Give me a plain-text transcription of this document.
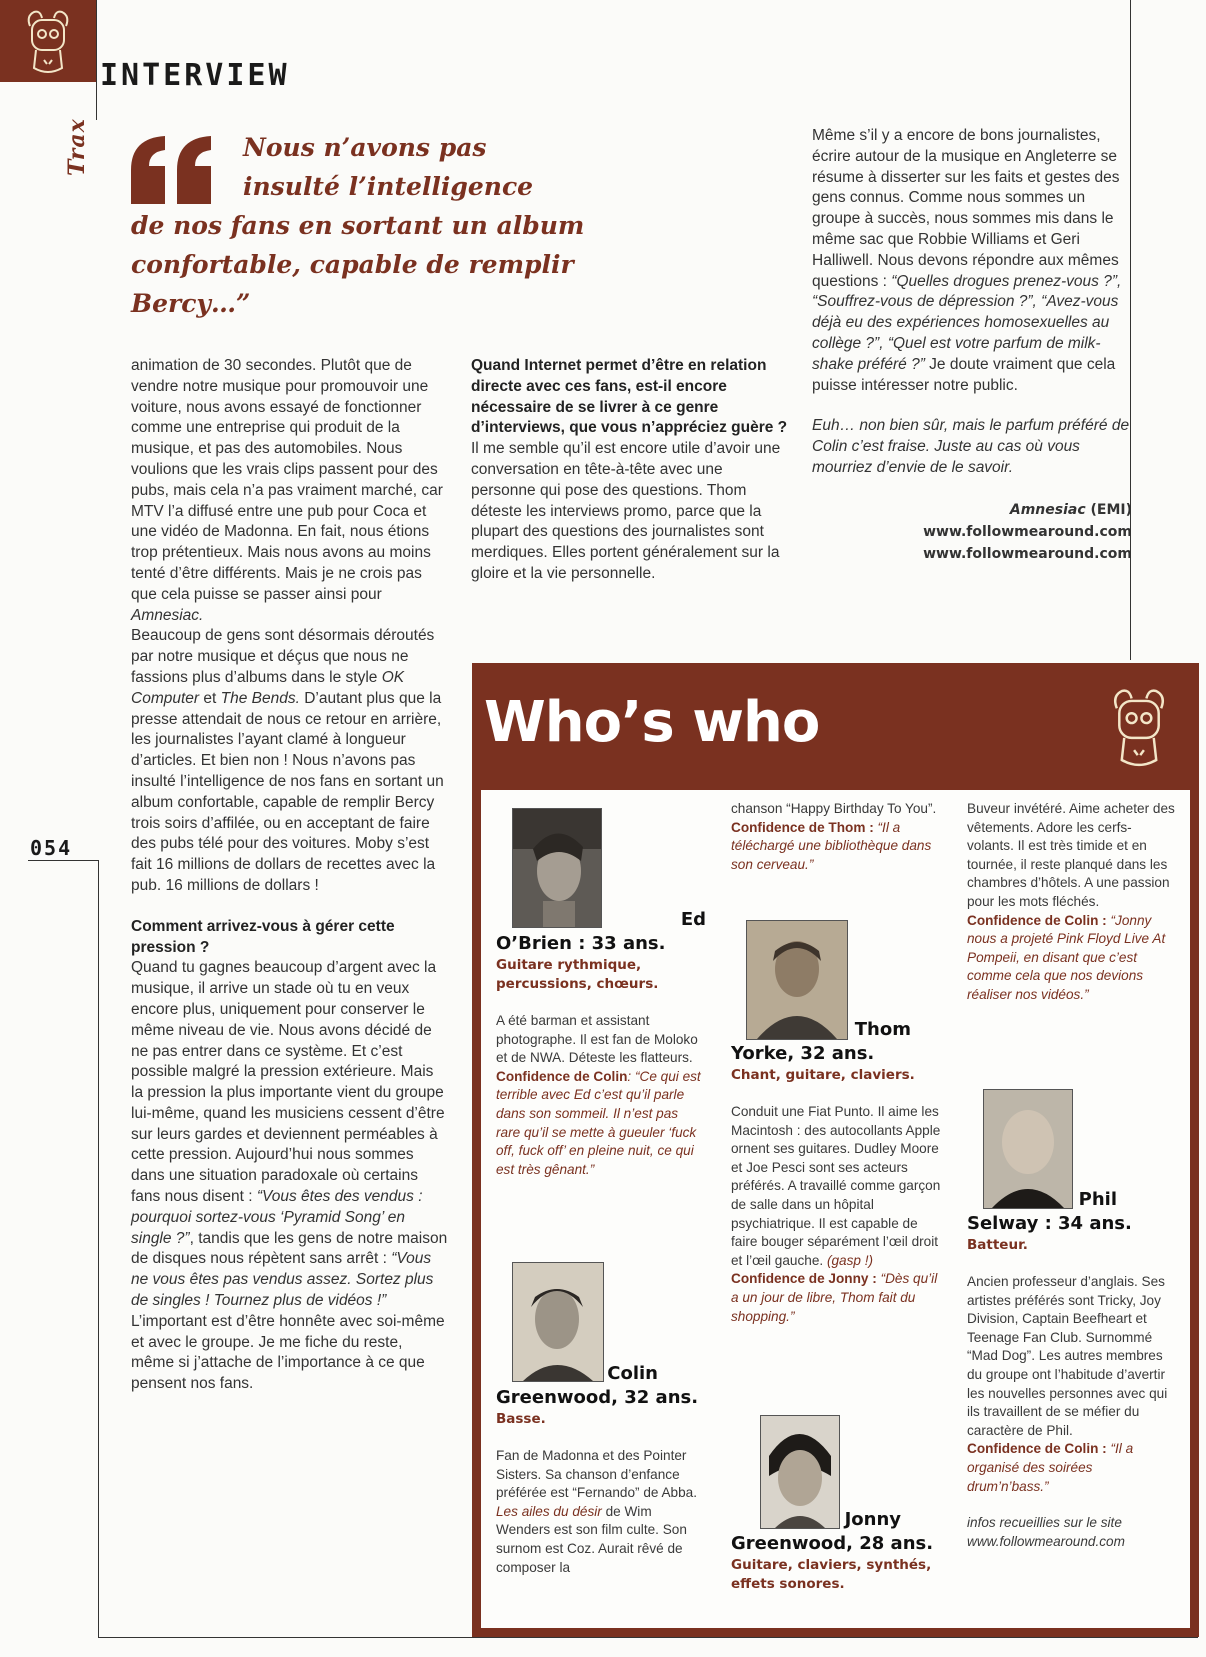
INTERVIEW
Trax	Nous n’avons pas
insulté l’intelligence
de nos fans en sortant un album
confortable, capable de remplir
Bercy…”

animation de 30 secondes. Plutôt que de vendre notre musique pour promouvoir une voiture, nous avons essayé de fonctionner comme une entreprise qui produit de la musique, et pas des automobiles. Nous voulions que les vrais clips passent pour des pubs, mais cela n’a pas vraiment marché, car MTV l’a diffusé entre une pub pour Coca et une vidéo de Madonna. En fait, nous étions trop prétentieux. Mais nous avons au moins tenté d’être différents. Mais je ne crois pas que cela puisse se passer ainsi pour Amnesiac.

Beaucoup de gens sont désormais déroutés par notre musique et déçus que nous ne fassions plus d’albums dans le style OK Computer et The Bends. D’autant plus que la presse attendait de nous ce retour en arrière, les journalistes l’ayant clamé à longueur d’articles. Et bien non ! Nous n’avons pas insulté l’intelligence de nos fans en sortant un album confortable, capable de remplir Bercy trois soirs d’affilée, ou en acceptant de faire des pubs télé pour des voitures. Moby s’est fait 16 millions de dollars de recettes avec la pub. 16 millions de dollars !

Comment arrivez-vous à gérer cette pression ?

Quand tu gagnes beaucoup d’argent avec la musique, il arrive un stade où tu en veux encore plus, uniquement pour conserver le même niveau de vie. Nous avons décidé de ne pas entrer dans ce système. Et c’est possible malgré la pression extérieure. Mais la pression la plus importante vient du groupe lui-même, quand les musiciens cessent d’être sur leurs gardes et deviennent perméables à cette pression. Aujourd’hui nous sommes dans une situation paradoxale où certains fans nous disent : “Vous êtes des vendus : pourquoi sortez-vous ‘Pyramid Song’ en single ?”, tandis que les gens de notre maison de disques nous répètent sans arrêt : “Vous ne vous êtes pas vendus assez. Sortez plus de singles ! Tournez plus de vidéos !” L’important est d’être honnête avec soi-même et avec le groupe. Je me fiche du reste, même si j’attache de l’importance à ce que pensent nos fans.

Quand Internet permet d’être en relation directe avec ces fans, est-il encore nécessaire de se livrer à ce genre d’interviews, que vous n’appréciez guère ?

Il me semble qu’il est encore utile d’avoir une conversation en tête-à-tête avec une personne qui pose des questions. Thom déteste les interviews promo, parce que la plupart des questions des journalistes sont merdiques. Elles portent généralement sur la gloire et la vie personnelle.

Même s’il y a encore de bons journalistes, écrire autour de la musique en Angleterre se résume à disserter sur les faits et gestes des gens connus. Comme nous sommes un groupe à succès, nous sommes mis dans le même sac que Robbie Williams et Geri Halliwell. Nous devons répondre aux mêmes questions : “Quelles drogues prenez-vous ?”, “Souffrez-vous de dépression ?”, “Avez-vous déjà eu des expériences homosexuelles au collège ?”, “Quel est votre parfum de milk-shake préféré ?” Je doute vraiment que cela puisse intéresser notre public.

Euh… non bien sûr, mais le parfum préféré de Colin c’est fraise. Juste au cas où vous mourriez d’envie de le savoir.

Amnesiac (EMI)
www.followmearound.com
www.followmearound.com
054
Who’s who
Ed
O’Brien : 33 ans.
Guitare rythmique, percussions, chœurs.

A été barman et assistant photographe. Il est fan de Moloko et de NWA. Déteste les flatteurs.

Confidence de Colin: “Ce qui est terrible avec Ed c’est qu’il parle dans son sommeil. Il n’est pas rare qu’il se mette à gueuler ‘fuck off, fuck off’ en pleine nuit, ce qui est très gênant.”

Colin
Greenwood, 32 ans.
Basse.

Fan de Madonna et des Pointer Sisters. Sa chanson d’enfance préférée est “Fernando” de Abba. Les ailes du désir de Wim Wenders est son film culte. Son surnom est Coz. Aurait rêvé de composer la

chanson “Happy Birthday To You”.

Confidence de Thom : “Il a téléchargé une bibliothèque dans son cerveau.”

Thom
Yorke, 32 ans.
Chant, guitare, claviers.

Conduit une Fiat Punto. Il aime les Macintosh : des autocollants Apple ornent ses guitares. Dudley Moore et Joe Pesci sont ses acteurs préférés. A travaillé comme garçon de salle dans un hôpital psychiatrique. Il est capable de faire bouger séparément l’œil droit et l’œil gauche. (gasp !)

Confidence de Jonny : “Dès qu’il a un jour de libre, Thom fait du shopping.”

Jonny
Greenwood, 28 ans.
Guitare, claviers, synthés, effets sonores.

Buveur invétéré. Aime acheter des vêtements. Adore les cerfs-volants. Il est très timide et en tournée, il reste planqué dans les chambres d’hôtels. A une passion pour les mots fléchés. Confidence de Colin : “Jonny nous a projeté Pink Floyd Live At Pompeii, en disant que c’est comme cela que nos devions réaliser nos vidéos.”

Phil
Selway : 34 ans.
Batteur.

Ancien professeur d’anglais. Ses artistes préférés sont Tricky, Joy Division, Captain Beefheart et Teenage Fan Club. Surnommé “Mad Dog”. Les autres membres du groupe ont l’habitude d’avertir les nouvelles personnes avec qui ils travaillent de se méfier du caractère de Phil.

Confidence de Colin : “Il a organisé des soirées drum’n’bass.”

infos recueillies sur le site www.followmearound.com
